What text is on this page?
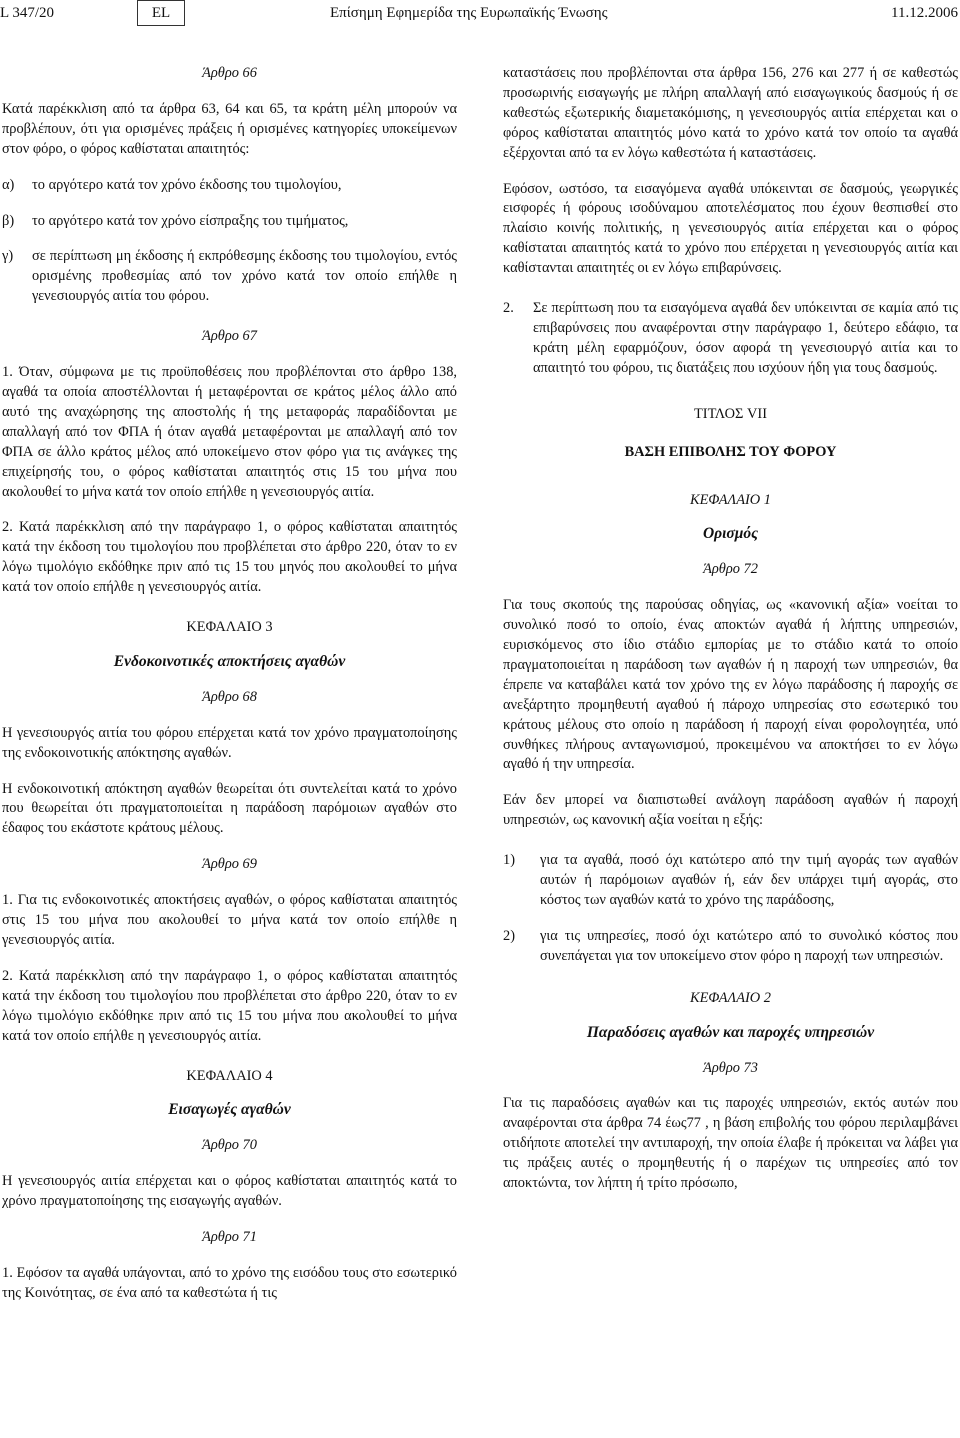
L 347/20	EL	Επίσημη Εφημερίδα της Ευρωπαϊκής Ένωσης	11.12.2006
Άρθρο 66

Κατά παρέκκλιση από τα άρθρα 63, 64 και 65, τα κράτη μέλη μπορούν να προβλέπουν, ότι για ορισμένες πράξεις ή ορισμένες κατηγορίες υποκείμενων στον φόρο, ο φόρος καθίσταται απαιτητός:

α)	το αργότερο κατά τον χρόνο έκδοσης του τιμολογίου,
β)	το αργότερο κατά τον χρόνο είσπραξης του τιμήματος,
γ)	σε περίπτωση μη έκδοσης ή εκπρόθεσμης έκδοσης του τιμολογίου, εντός ορισμένης προθεσμίας από τον χρόνο κατά τον οποίο επήλθε η γενεσιουργός αιτία του φόρου.
Άρθρο 67

1. Όταν, σύμφωνα με τις προϋποθέσεις που προβλέπονται στο άρθρο 138, αγαθά τα οποία αποστέλλονται ή μεταφέρονται σε κράτος μέλος άλλο από αυτό της αναχώρησης της αποστολής ή της μεταφοράς παραδίδονται με απαλλαγή από τον ΦΠΑ ή όταν αγαθά μεταφέρονται με απαλλαγή από τον ΦΠΑ σε άλλο κράτος μέλος από υποκείμενο στον φόρο για τις ανάγκες της επιχείρησής του, ο φόρος καθίσταται απαιτητός στις 15 του μήνα που ακολουθεί το μήνα κατά τον οποίο επήλθε η γενεσιουργός αιτία.

2. Κατά παρέκκλιση από την παράγραφο 1, ο φόρος καθίσταται απαιτητός κατά την έκδοση του τιμολογίου που προβλέπεται στο άρθρο 220, όταν το εν λόγω τιμολόγιο εκδόθηκε πριν από τις 15 του μηνός που ακολουθεί το μήνα κατά τον οποίο επήλθε η γενεσιουργός αιτία.

ΚΕΦΑΛΑΙΟ 3
Ενδοκοινοτικές αποκτήσεις αγαθών
Άρθρο 68

Η γενεσιουργός αιτία του φόρου επέρχεται κατά τον χρόνο πραγματοποίησης της ενδοκοινοτικής απόκτησης αγαθών.

Η ενδοκοινοτική απόκτηση αγαθών θεωρείται ότι συντελείται κατά το χρόνο που θεωρείται ότι πραγματοποιείται η παράδοση παρόμοιων αγαθών στο έδαφος του εκάστοτε κράτους μέλους.

Άρθρο 69

1. Για τις ενδοκοινοτικές αποκτήσεις αγαθών, ο φόρος καθίσταται απαιτητός στις 15 του μήνα που ακολουθεί το μήνα κατά τον οποίο επήλθε η γενεσιουργός αιτία.

2. Κατά παρέκκλιση από την παράγραφο 1, ο φόρος καθίσταται απαιτητός κατά την έκδοση του τιμολογίου που προβλέπεται στο άρθρο 220, όταν το εν λόγω τιμολόγιο εκδόθηκε πριν από τις 15 του μήνα που ακολουθεί το μήνα κατά τον οποίο επήλθε η γενεσιουργός αιτία.

ΚΕΦΑΛΑΙΟ 4
Εισαγωγές αγαθών
Άρθρο 70

Η γενεσιουργός αιτία επέρχεται και ο φόρος καθίσταται απαιτητός κατά το χρόνο πραγματοποίησης της εισαγωγής αγαθών.

Άρθρο 71

1. Εφόσον τα αγαθά υπάγονται, από το χρόνο της εισόδου τους στο εσωτερικό της Κοινότητας, σε ένα από τα καθεστώτα ή τις

καταστάσεις που προβλέπονται στα άρθρα 156, 276 και 277 ή σε καθεστώς προσωρινής εισαγωγής με πλήρη απαλλαγή από εισαγωγικούς δασμούς ή σε καθεστώς εξωτερικής διαμετακόμισης, η γενεσιουργός αιτία επέρχεται και ο φόρος καθίσταται απαιτητός μόνο κατά το χρόνο κατά τον οποίο τα αγαθά εξέρχονται από τα εν λόγω καθεστώτα ή καταστάσεις.

Εφόσον, ωστόσο, τα εισαγόμενα αγαθά υπόκεινται σε δασμούς, γεωργικές εισφορές ή φόρους ισοδύναμου αποτελέσματος που έχουν θεσπισθεί στο πλαίσιο κοινής πολιτικής, η γενεσιουργός αιτία επέρχεται και ο φόρος καθίσταται απαιτητός κατά το χρόνο που επέρχεται η γενεσιουργός αιτία και καθίστανται απαιτητές οι εν λόγω επιβαρύνσεις.

2.	Σε περίπτωση που τα εισαγόμενα αγαθά δεν υπόκεινται σε καμία από τις επιβαρύνσεις που αναφέρονται στην παράγραφο 1, δεύτερο εδάφιο, τα κράτη μέλη εφαρμόζουν, όσον αφορά τη γενεσιουργό αιτία και το απαιτητό του φόρου, τις διατάξεις που ισχύουν ήδη για τους δασμούς.
ΤΙΤΛΟΣ VII
ΒΑΣΗ ΕΠΙΒΟΛΗΣ ΤΟΥ ΦΟΡΟΥ
ΚΕΦΑΛΑΙΟ 1
Ορισμός
Άρθρο 72

Για τους σκοπούς της παρούσας οδηγίας, ως «κανονική αξία» νοείται το συνολικό ποσό το οποίο, ένας αποκτών αγαθά ή λήπτης υπηρεσιών, ευρισκόμενος στο ίδιο στάδιο εμπορίας με το στάδιο κατά το οποίο πραγματοποιείται η παράδοση των αγαθών ή η παροχή των υπηρεσιών, θα έπρεπε να καταβάλει κατά τον χρόνο της εν λόγω παράδοσης ή παροχής σε ανεξάρτητο προμηθευτή αγαθού ή πάροχο υπηρεσίας στο εσωτερικό του κράτους μέλους στο οποίο η παράδοση ή παροχή είναι φορολογητέα, υπό συνθήκες πλήρους ανταγωνισμού, προκειμένου να αποκτήσει το εν λόγω αγαθό ή την υπηρεσία.

Εάν δεν μπορεί να διαπιστωθεί ανάλογη παράδοση αγαθών ή παροχή υπηρεσιών, ως κανονική αξία νοείται η εξής:

1)	για τα αγαθά, ποσό όχι κατώτερο από την τιμή αγοράς των αγαθών αυτών ή παρόμοιων αγαθών ή, εάν δεν υπάρχει τιμή αγοράς, στο κόστος των αγαθών κατά το χρόνο της παράδοσης,
2)	για τις υπηρεσίες, ποσό όχι κατώτερο από το συνολικό κόστος που συνεπάγεται για τον υποκείμενο στον φόρο η παροχή των υπηρεσιών.
ΚΕΦΑΛΑΙΟ 2
Παραδόσεις αγαθών και παροχές υπηρεσιών
Άρθρο 73

Για τις παραδόσεις αγαθών και τις παροχές υπηρεσιών, εκτός αυτών που αναφέρονται στα άρθρα 74 έως77 , η βάση επιβολής του φόρου περιλαμβάνει οτιδήποτε αποτελεί την αντιπαροχή, την οποία έλαβε ή πρόκειται να λάβει για τις πράξεις αυτές ο προμηθευτής ή ο παρέχων τις υπηρεσίες από τον αποκτώντα, τον λήπτη ή τρίτο πρόσωπο,
